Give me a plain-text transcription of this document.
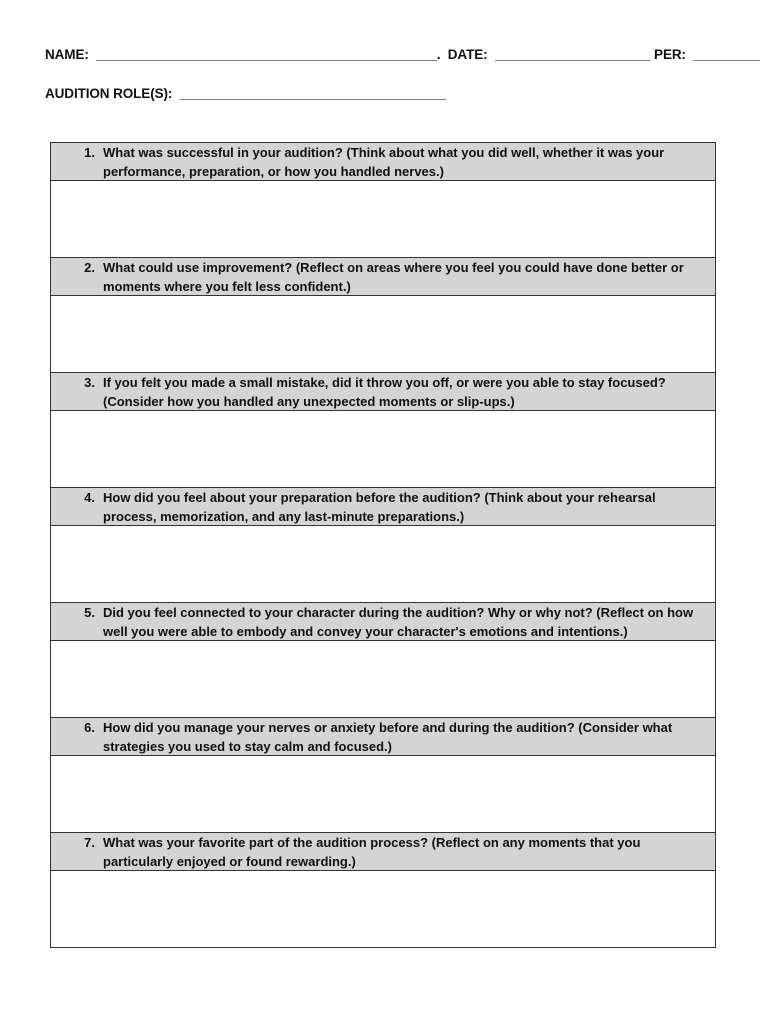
NAME:  ______________________________________________.  DATE:  _____________________ PER:  _________
AUDITION ROLE(S):  ____________________________________
1. What was successful in your audition? (Think about what you did well, whether it was your performance, preparation, or how you handled nerves.)
2. What could use improvement? (Reflect on areas where you feel you could have done better or moments where you felt less confident.)
3. If you felt you made a small mistake, did it throw you off, or were you able to stay focused? (Consider how you handled any unexpected moments or slip-ups.)
4. How did you feel about your preparation before the audition? (Think about your rehearsal process, memorization, and any last-minute preparations.)
5. Did you feel connected to your character during the audition? Why or why not? (Reflect on how well you were able to embody and convey your character's emotions and intentions.)
6. How did you manage your nerves or anxiety before and during the audition? (Consider what strategies you used to stay calm and focused.)
7. What was your favorite part of the audition process? (Reflect on any moments that you particularly enjoyed or found rewarding.)
